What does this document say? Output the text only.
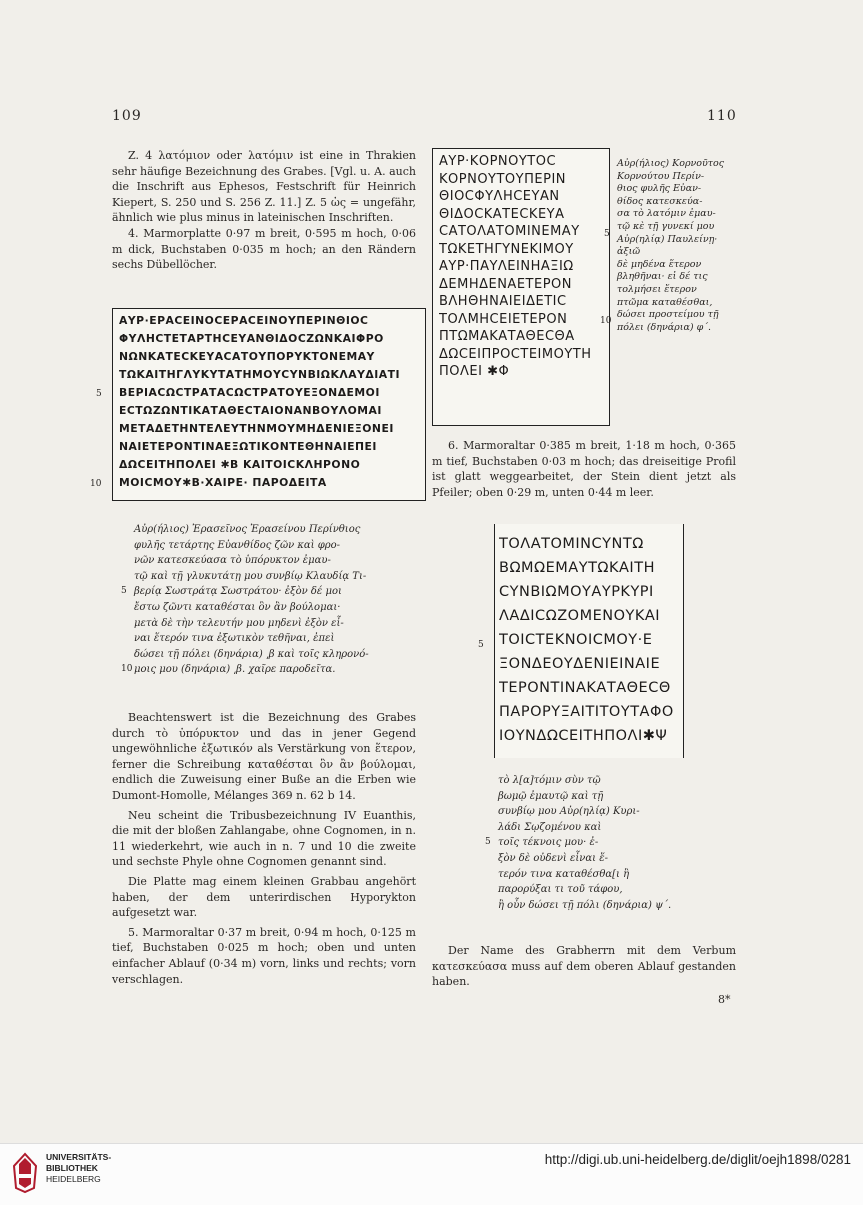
109	110

Z. 4 λατόμιον oder λατόμιν ist eine in Thrakien sehr häufige Bezeichnung des Grabes. [Vgl. u. A. auch die Inschrift aus Ephesos, Festschrift für Heinrich Kiepert, S. 250 und S. 256 Z. 11.] Z. 5 ὡς = ungefähr, ähnlich wie plus minus in lateinischen Inschriften.

4. Marmorplatte 0·97 m breit, 0·595 m hoch, 0·06 m dick, Buchstaben 0·035 m hoch; an den Rändern sechs Dübellöcher.

ΑΥΡ·ΕΡΑCΕΙΝΟCΕΡΑCΕΙΝΟΥΠΕΡΙΝΘΙΟC
ΦΥΛΗCΤΕΤΑΡΤΗCΕΥΑΝΘΙΔΟCΖΩΝΚΑΙΦΡΟ
ΝΩΝΚΑΤΕCΚΕΥΑCΑΤΟΥΠΟΡΥΚΤΟΝΕΜΑΥ
ΤΩΚΑΙΤΗΓΛΥΚΥΤΑΤΗΜΟΥCΥΝΒΙΩΚΛΑΥΔΙΑΤΙ
ΒΕΡΙΑCΩCΤΡΑΤΑCΩCΤΡΑΤΟΥΕΞΟΝΔΕΜΟΙ
ΕCΤΩΖΩΝΤΙΚΑΤΑΘΕCΤΑΙΟΝΑΝΒΟΥΛΟΜΑΙ
ΜΕΤΑΔΕΤΗΝΤΕΛΕΥΤΗΝΜΟΥΜΗΔΕΝΙΕΞΟΝΕΙ
ΝΑΙΕΤΕΡΟΝΤΙΝΑΕΞΩΤΙΚΟΝΤΕΘΗΝΑΙΕΠΕΙ
ΔΩCΕΙΤΗΠΟΛΕΙ ✱Β ΚΑΙΤΟΙCΚΛΗΡΟΝΟ
ΜΟΙCΜΟΥ✱Β·ΧΑΙΡΕ· ΠΑΡΟΔΕΙΤΑ
5
10
Αὐρ(ήλιος) Ἐρασεῖνος Ἐρασείνου Περίνθιος
φυλῆς τετάρτης Εὐανθίδος ζῶν καὶ φρο-
νῶν κατεσκεύασα τὸ ὑπόρυκτον ἐμαυ-
τῷ καὶ τῇ γλυκυτάτῃ μου συνβίῳ Κλαυδίᾳ Τι-
βερίᾳ Σωστράτᾳ Σωστράτου· ἐξὸν δέ μοι
5
ἔστω ζῶντι καταθέσται ὃν ἂν βούλομαι·
μετὰ δὲ τὴν τελευτήν μου μηδενὶ ἐξὸν εἶ-
ναι ἕτερόν τινα ἐξωτικὸν τεθῆναι, ἐπεὶ
δώσει τῇ πόλει (δηνάρια) ͵β καὶ τοῖς κληρονό-
μοις μου (δηνάρια) ͵β. χαῖρε παροδεῖτα.
10

Beachtenswert ist die Bezeichnung des Grabes durch τὸ ὑπόρυκτον und das in jener Gegend ungewöhnliche ἐξωτικόν als Verstärkung von ἕτερον, ferner die Schreibung καταθέσται ὃν ἂν βούλομαι, endlich die Zuweisung einer Buße an die Erben wie Dumont-Homolle, Mélanges 369 n. 62 b 14.

Neu scheint die Tribusbezeichnung IV Euanthis, die mit der bloßen Zahlangabe, ohne Cognomen, in n. 11 wiederkehrt, wie auch in n. 7 und 10 die zweite und sechste Phyle ohne Cognomen genannt sind.

Die Platte mag einem kleinen Grabbau angehört haben, der dem unterirdischen Hyporykton aufgesetzt war.

5. Marmoraltar 0·37 m breit, 0·94 m hoch, 0·125 m tief, Buchstaben 0·025 m hoch; oben und unten einfacher Ablauf (0·34 m) vorn, links und rechts; vorn verschlagen.

ΑΥΡ·ΚΟΡΝΟΥΤΟC
ΚΟΡΝΟΥΤΟΥΠΕΡΙΝ
ΘΙΟCΦΥΛΗCΕΥΑΝ
ΘΙΔΟCΚΑΤΕCΚΕΥΑ
CΑΤΟΛΑΤΟΜΙΝΕΜΑΥ
ΤΩΚΕΤΗΓΥΝΕΚΙΜΟΥ
ΑΥΡ·ΠΑΥΛΕΙΝΗΑΞΙΩ
ΔΕΜΗΔΕΝΑΕΤΕΡΟΝ
ΒΛΗΘΗΝΑΙΕΙΔΕΤΙC
ΤΟΛΜΗCΕΙΕΤΕΡΟΝ
ΠΤΩΜΑΚΑΤΑΘΕCΘΑ
ΔΩCΕΙΠΡΟCΤΕΙΜΟΥΤΗ
ΠΟΛΕΙ ✱Φ
5
10
Αὐρ(ήλιος) Κορνοῦτος
Κορνούτου Περίν-
θιος φυλῆς Εὐαν-
θίδος κατεσκεύα-
σα τὸ λατόμιν ἐμαυ-
τῷ κὲ τῇ γυνεκί μου
Αὐρ(ηλίᾳ) Παυλείνῃ·
ἀξιῶ
δὲ μηδένα ἕτερον
βληθῆναι· εἰ δέ τις
τολμήσει ἕτερον
πτῶμα καταθέσθαι,
δώσει προστείμου τῇ
πόλει (δηνάρια) φ΄.

6. Marmoraltar 0·385 m breit, 1·18 m hoch, 0·365 m tief, Buchstaben 0·03 m hoch; das dreiseitige Profil ist glatt weggearbeitet, der Stein dient jetzt als Pfeiler; oben 0·29 m, unten 0·44 m leer.

ΤΟΛΑΤΟΜΙΝCΥΝΤΩ
ΒΩΜΩΕΜΑΥΤΩΚΑΙΤΗ
CΥΝΒΙΩΜΟΥΑΥΡΚΥΡΙ
ΛΑΔΙCΩΖΟΜΕΝΟΥΚΑΙ
ΤΟΙCΤΕΚΝΟΙCΜΟΥ·Ε
ΞΟΝΔΕΟΥΔΕΝΙΕΙΝΑΙΕ
ΤΕΡΟΝΤΙΝΑΚΑΤΑΘΕCΘ
ΠΑΡΟΡΥΞΑΙΤΙΤΟΥΤΑΦΟ
ΙΟΥΝΔΩCΕΙΤΗΠΟΛΙ✱Ψ
5
τὸ λ[α]τόμιν σὺν τῷ
βωμῷ ἐμαυτῷ καὶ τῇ
συνβίῳ μου Αὐρ(ηλίᾳ) Κυρι-
λάδι Σῳζομένου καὶ
τοῖς τέκνοις μου· ἐ-
5
ξὸν δὲ οὐδενὶ εἶναι ἕ-
τερόν τινα καταθέσθα[ι ἢ
παρορύξαι τι τοῦ τάφου,
ἢ οὖν δώσει τῇ πόλι (δηνάρια) ψ΄.

Der Name des Grabherrn mit dem Verbum κατεσκεύασα muss auf dem oberen Ablauf gestanden haben.

8*
UNIVERSITÄTS-
BIBLIOTHEK
HEIDELBERG
http://digi.ub.uni-heidelberg.de/diglit/oejh1898/0281
